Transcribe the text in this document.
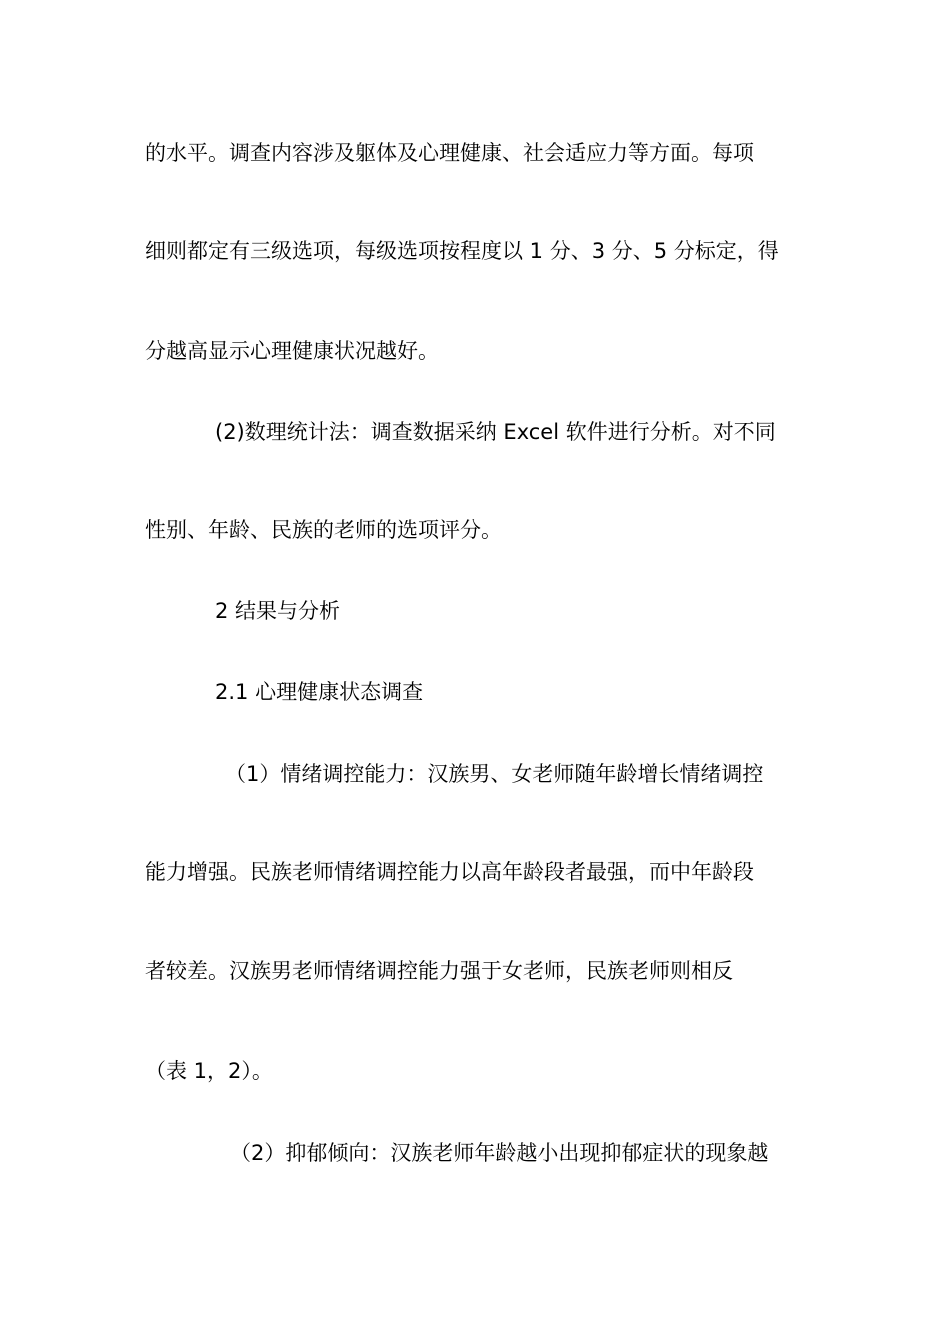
的水平。调查内容涉及躯体及心理健康、社会适应力等方面。每项
细则都定有三级选项，每级选项按程度以 1 分、3 分、5 分标定，得
分越高显示心理健康状况越好。
(2)数理统计法：调查数据采纳 Excel 软件进行分析。对不同
性别、年龄、民族的老师的选项评分。
2 结果与分析
2.1 心理健康状态调查
（1）情绪调控能力：汉族男、女老师随年龄增长情绪调控
能力增强。民族老师情绪调控能力以高年龄段者最强，而中年龄段
者较差。汉族男老师情绪调控能力强于女老师，民族老师则相反
（表 1，2）。
（2）抑郁倾向：汉族老师年龄越小出现抑郁症状的现象越
